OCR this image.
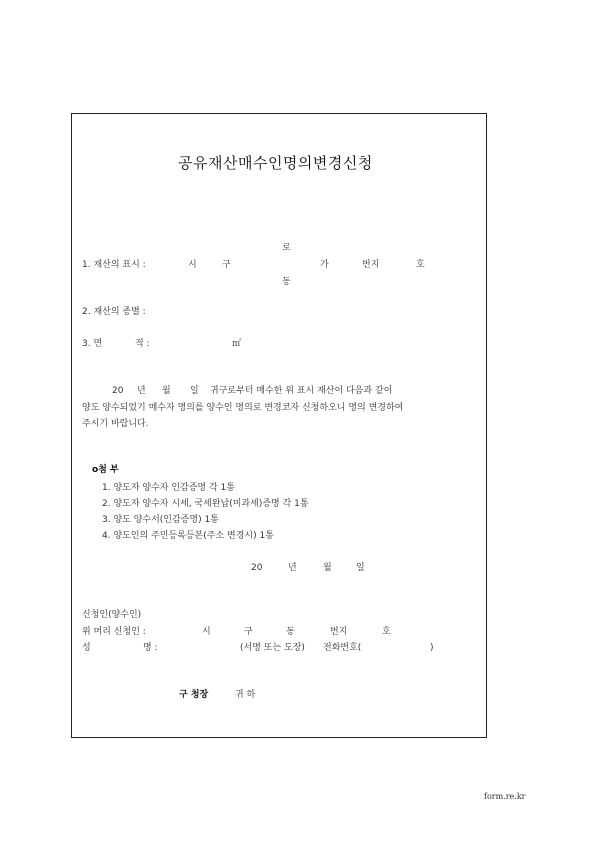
공유재산매수인명의변경신청
로
1. 재산의 표시 :	시	구	가	번지	호
동
2. 재산의 종별 :
3. 면	적 :	㎡
20 년 월 일 귀구로부터 매수한 위 표시 재산이 다음과 같이
양도 양수되었기 매수자 명의를 양수인 명의로 변경코자 신청하오니 명의 변경하여
주시기 바랍니다.
o첨 부
1. 양도자 양수자 인감증명 각 1통
2. 양도자 양수자 시세, 국세완납(미과세)증명 각 1통
3. 양도 양수서(인감증명) 1통
4. 양도인의 주민등록등본(주소 변경시) 1통
20	년	월	일
신청인(양수인)
위 머리 신청인 :	시	구	동	번지	호
성	명 :	(서명 또는 도장) 전화번호(	)
구 청장	귀 하
form.re.kr
